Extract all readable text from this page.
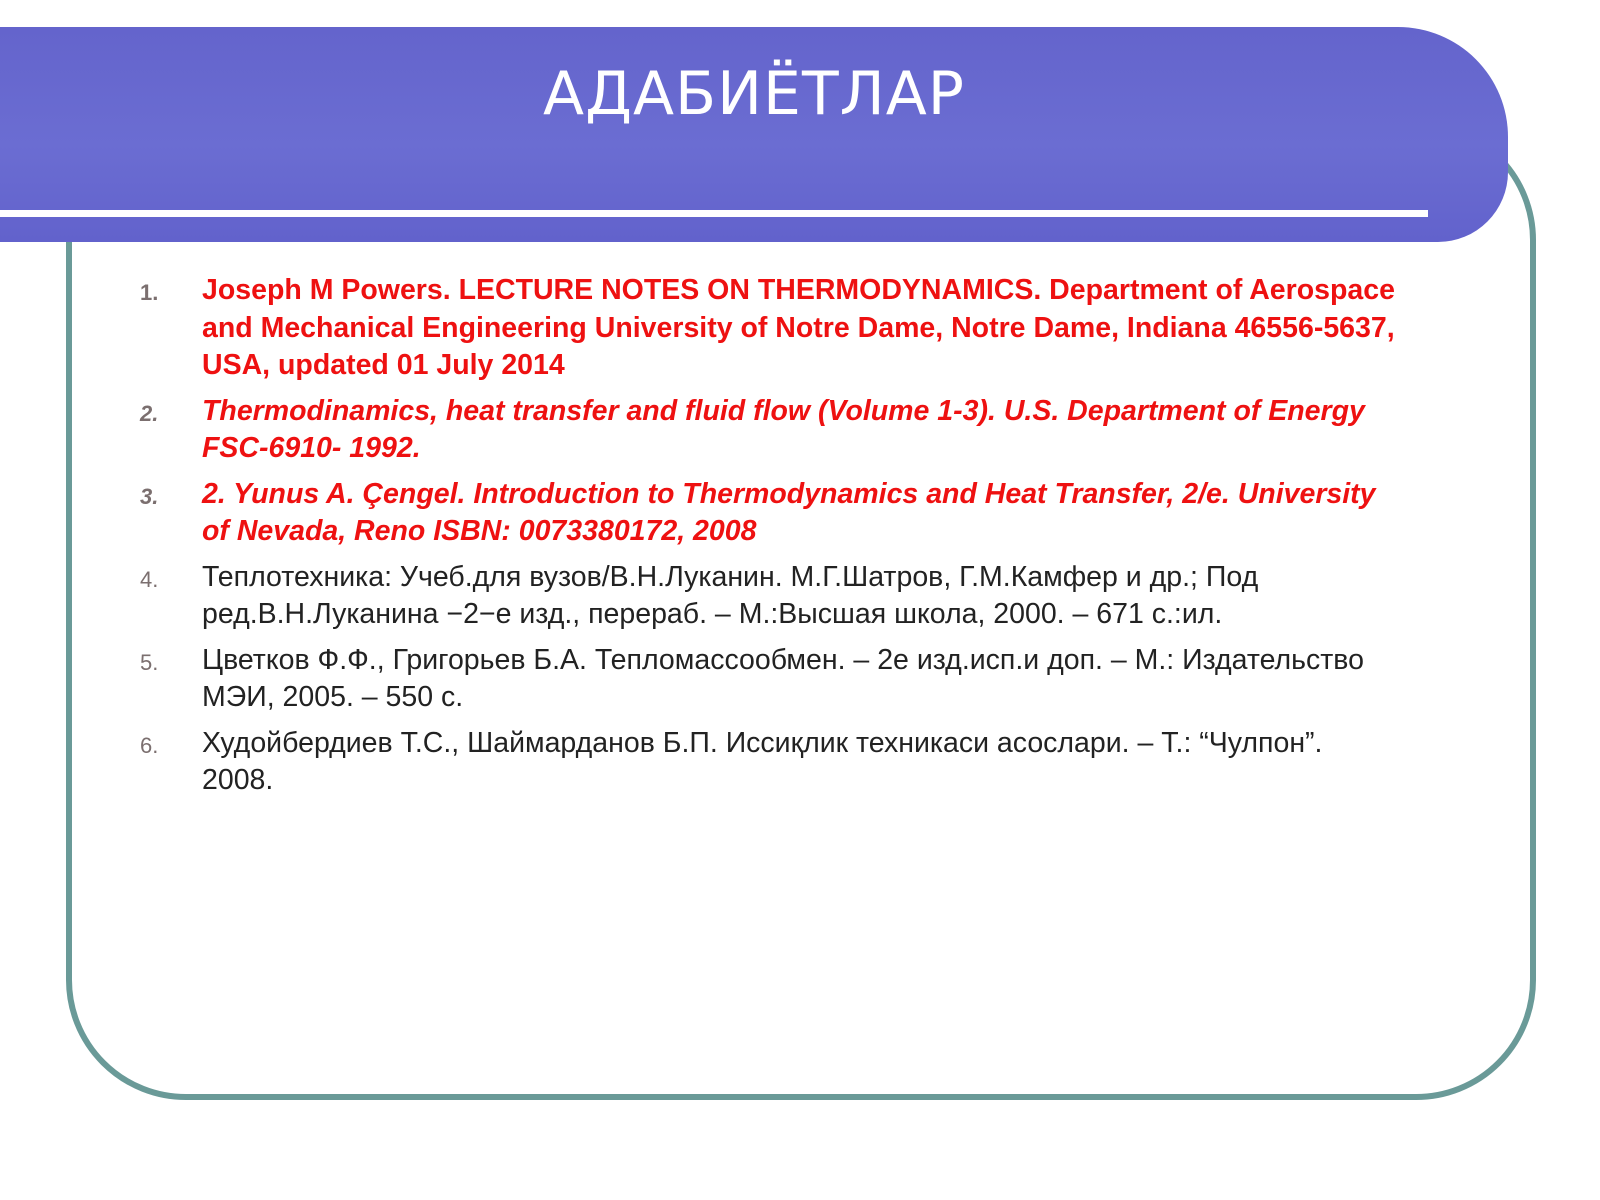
АДАБИЁТЛАР
1.	Joseph M Powers. LECTURE NOTES ON THERMODYNAMICS. Department of Aerospace and Mechanical Engineering University of Notre Dame, Notre Dame, Indiana 46556-5637, USA, updated 01 July 2014
2.	Thermodinamics, heat transfer and fluid flow (Volume 1-3). U.S. Department of Energy FSC-6910- 1992.
3.	2. Yunus A. Çengel. Introduction to Thermodynamics and Heat Transfer, 2/e. University of Nevada, Reno ISBN: 0073380172, 2008
4.	Теплотехника: Учеб.для вузов/В.Н.Луканин. М.Г.Шатров, Г.М.Камфер и др.; Под ред.В.Н.Луканина −2−е изд., перераб. – М.:Высшая школа, 2000. – 671 с.:ил.
5.	Цветков Ф.Ф., Григорьев Б.А. Тепломассообмен. – 2е изд.исп.и доп. – М.: Издательство МЭИ, 2005. – 550 с.
6.	Худойбердиев Т.С., Шаймарданов Б.П. Иссиқлик техникаси асослари. – Т.: “Чулпон”. 2008.
